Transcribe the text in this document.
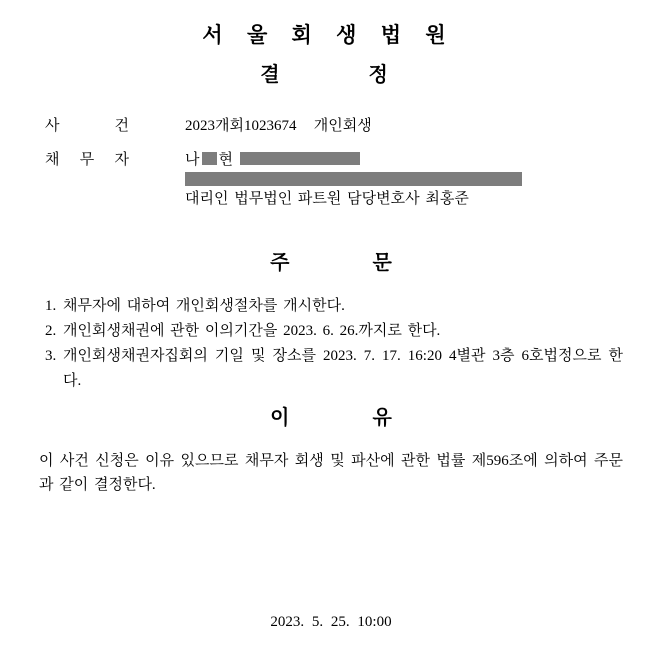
서 울 회 생 법 원
결                정
사 건	2023개회1023674   개인회생
채 무 자	나 현
대리인 법무법인 파트원 담당변호사 최홍준
주           문
1. 채무자에 대하여 개인회생절차를 개시한다.
2. 개인회생채권에 관한 이의기간을 2023. 6. 26.까지로 한다.
3. 개인회생채권자집회의 기일 및 장소를 2023. 7. 17. 16:20 4별관 3층 6호법정으로 한다.
이           유

이 사건 신청은 이유 있으므로 채무자 회생 및 파산에 관한 법률 제596조에 의하여 주문과 같이 결정한다.

2023. 5. 25. 10:00
